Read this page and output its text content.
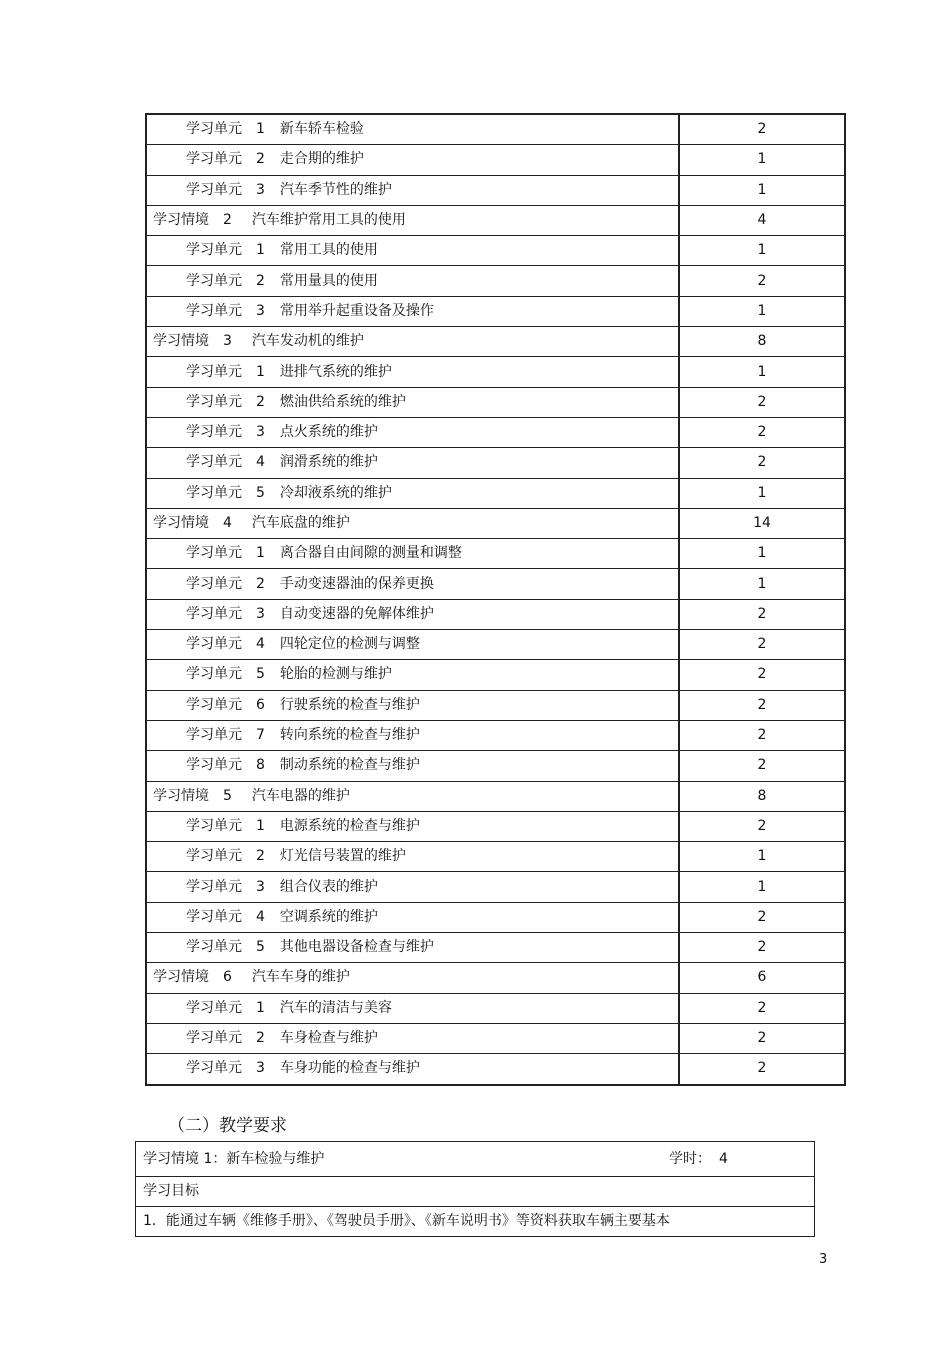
学习单元 1 新车轿车检验	2
学习单元 2 走合期的维护	1
学习单元 3 汽车季节性的维护	1
学习情境 2 汽车维护常用工具的使用	4
学习单元 1 常用工具的使用	1
学习单元 2 常用量具的使用	2
学习单元 3 常用举升起重设备及操作	1
学习情境 3 汽车发动机的维护	8
学习单元 1 进排气系统的维护	1
学习单元 2 燃油供给系统的维护	2
学习单元 3 点火系统的维护	2
学习单元 4 润滑系统的维护	2
学习单元 5 冷却液系统的维护	1
学习情境 4 汽车底盘的维护	14
学习单元 1 离合器自由间隙的测量和调整	1
学习单元 2 手动变速器油的保养更换	1
学习单元 3 自动变速器的免解体维护	2
学习单元 4 四轮定位的检测与调整	2
学习单元 5 轮胎的检测与维护	2
学习单元 6 行驶系统的检查与维护	2
学习单元 7 转向系统的检查与维护	2
学习单元 8 制动系统的检查与维护	2
学习情境 5 汽车电器的维护	8
学习单元 1 电源系统的检查与维护	2
学习单元 2 灯光信号装置的维护	1
学习单元 3 组合仪表的维护	1
学习单元 4 空调系统的维护	2
学习单元 5 其他电器设备检查与维护	2
学习情境 6 汽车车身的维护	6
学习单元 1 汽车的清洁与美容	2
学习单元 2 车身检查与维护	2
学习单元 3 车身功能的检查与维护	2
（二）教学要求
学习情境 1：新车检验与维护	学时： 4

学习目标
1．能通过车辆《维修手册》、《驾驶员手册》、《新车说明书》等资料获取车辆主要基本
3
